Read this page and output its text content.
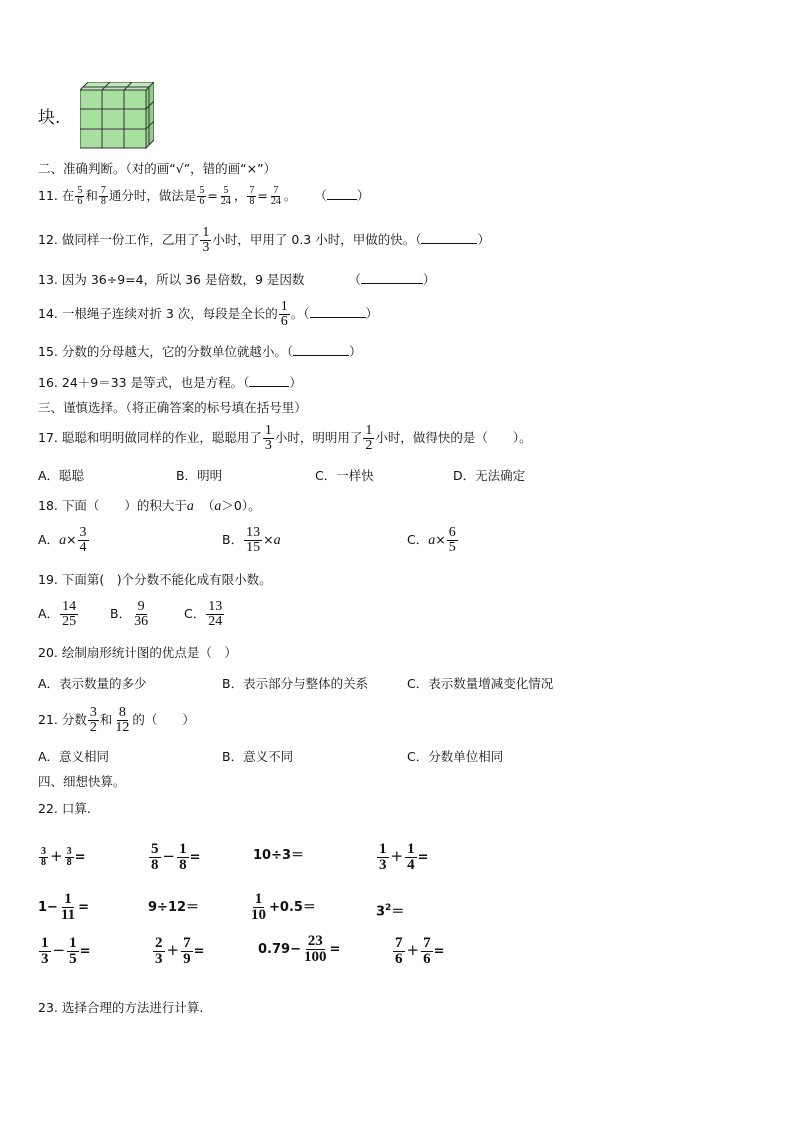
块.
二、准确判断。（对的画“√”，错的画“×”）
11. 在 $\frac{5}{6}$ 和 $\frac{7}{8}$ 通分时，做法是 $\frac{5}{6} = \frac{5}{24}$ ， $\frac{7}{8} = \frac{7}{24}$ 。 （ ）
12. 做同样一份工作，乙用了 $\frac{1}{3}$ 小时，甲用了 0.3 小时，甲做的快。（	）
13. 因为 36÷9=4，所以 36 是倍数，9 是因数	（	）
14. 一根绳子连续对折 3 次，每段是全长的 $\frac{1}{6}$ 。（	）
15. 分数的分母越大，它的分数单位就越小。（	）
16. 24＋9＝33 是等式，也是方程。（	）
三、谨慎选择。（将正确答案的标号填在括号里）
17. 聪聪和明明做同样的作业，聪聪用了 $\frac{1}{3}$ 小时，明明用了 $\frac{1}{2}$ 小时，做得快的是（　　）。
A．聪聪	B．明明	C．一样快	D．无法确定
18. 下面（　　）的积大于a （a＞0）。
A．$a\times \frac{3}{4}$	B． $\frac{13}{15} \times a$	C．$a\times \frac{6}{5}$
19. 下面第(　)个分数不能化成有限小数。
A． $\frac{14}{25}$	B． $\frac{9}{36}$	C． $\frac{13}{24}$
20. 绘制扇形统计图的优点是（　）
A．表示数量的多少	B．表示部分与整体的关系	C．表示数量增减变化情况
21. 分数 $\frac{3}{2}$ 和 $\frac{8}{12}$ 的（　　）
A．意义相同	B．意义不同	C．分数单位相同
四、细想快算。
22. 口算.
$\frac{3}{8} + \frac{3}{8}$ =	$\frac{5}{8} - \frac{1}{8}$ =	10÷3＝	$\frac{1}{3} + \frac{1}{4}$ =
$1- \frac{1}{11}$ =	9÷12＝	$\frac{1}{10} +0.5=$	$3^2=$
$\frac{1}{3} - \frac{1}{5}$ =	$\frac{2}{3} + \frac{7}{9}$ =	$0.79- \frac{23}{100}$ =	$\frac{7}{6} + \frac{7}{6}$ =
23. 选择合理的方法进行计算.
